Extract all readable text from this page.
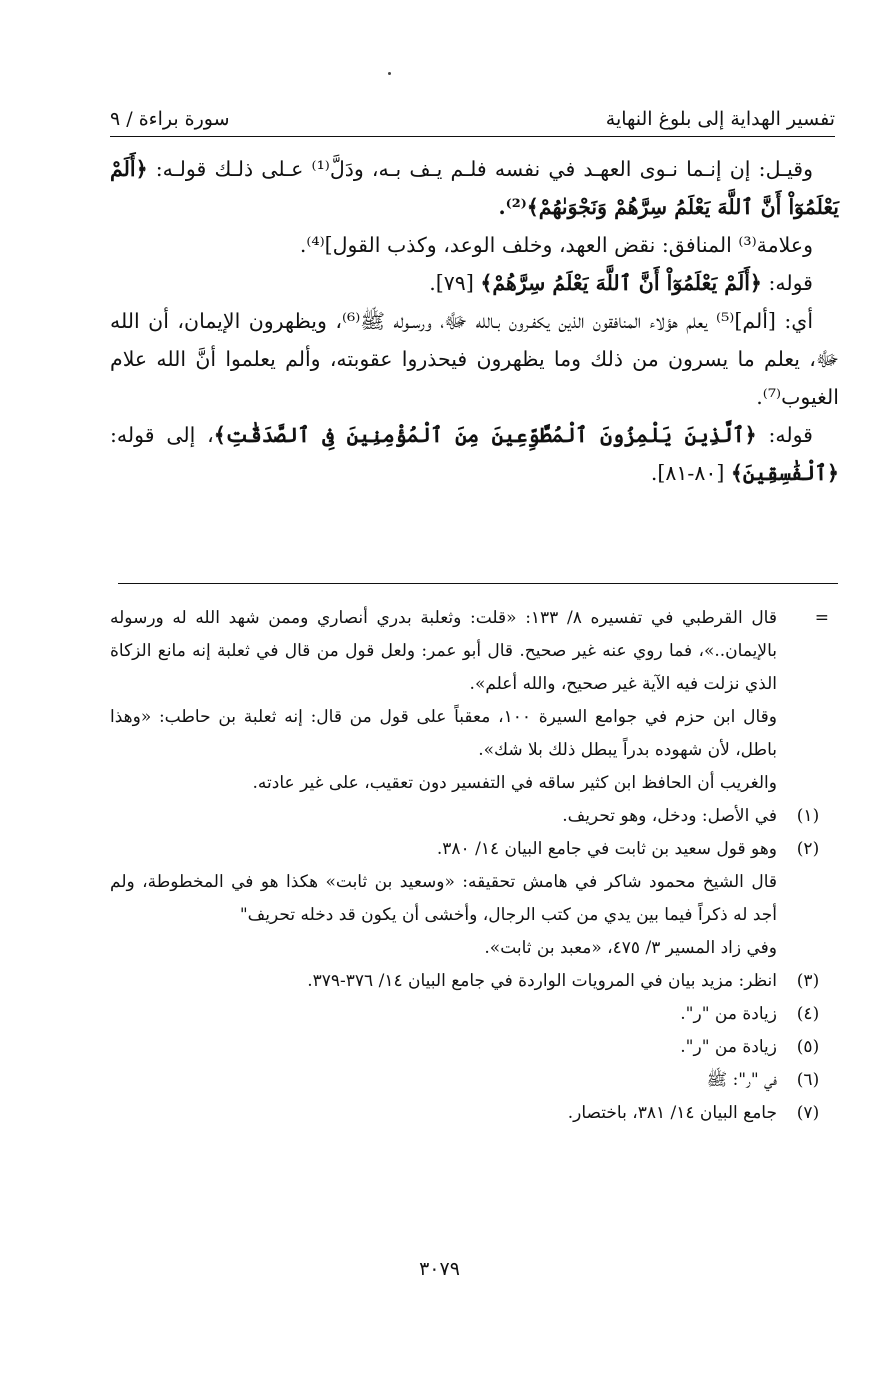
تفسير الهداية إلى بلوغ النهاية
سورة براءة / ٩

وقيـل: إن إنـما نـوى العهـد في نفسه فلـم يـف بـه، ودَلَّ⁽¹⁾ عـلى ذلـك قولـه: ﴿أَلَمْ يَعْلَمُوٓاْ أَنَّ ٱللَّهَ يَعْلَمُ سِرَّهُمْ وَنَجْوَىٰهُمْ﴾⁽²⁾.

وعلامة⁽³⁾ المنافق: نقض العهد، وخلف الوعد، وكذب القول]⁽⁴⁾.

قوله: ﴿أَلَمْ يَعْلَمُوٓاْ أَنَّ ٱللَّهَ يَعْلَمُ سِرَّهُمْ﴾ [٧٩].

أي: [ألم]⁽⁵⁾ يعلم هؤلاء المنافقون الذين يكفـرون بـالله ﷻ، ورسـوله ﷺ⁽⁶⁾، ويظهرون الإيمان، أن الله ﷻ، يعلم ما يسرون من ذلك وما يظهرون فيحذروا عقوبته، وألم يعلموا أنَّ الله علام الغيوب⁽⁷⁾.

قوله: ﴿ٱلَّذِينَ يَلْمِزُونَ ٱلْمُطَّوِّعِينَ مِنَ ٱلْمُؤْمِنِينَ فِى ٱلصَّدَقَٰتِ﴾، إلى قوله: ﴿ٱلْفَٰسِقِينَ﴾ [٨٠-٨١].

=
قال القرطبي في تفسيره ٨/ ١٣٣: «قلت: وثعلبة بدري أنصاري وممن شهد الله له ورسوله بالإيمان..»، فما روي عنه غير صحيح. قال أبو عمر: ولعل قول من قال في ثعلبة إنه مانع الزكاة الذي نزلت فيه الآية غير صحيح، والله أعلم».

وقال ابن حزم في جوامع السيرة ١٠٠، معقباً على قول من قال: إنه ثعلبة بن حاطب: «وهذا باطل، لأن شهوده بدراً يبطل ذلك بلا شك».

والغريب أن الحافظ ابن كثير ساقه في التفسير دون تعقيب، على غير عادته.

(١)
في الأصل: ودخل، وهو تحريف.
(٢)
وهو قول سعيد بن ثابت في جامع البيان ١٤/ ٣٨٠.

قال الشيخ محمود شاكر في هامش تحقيقه: «وسعيد بن ثابت» هكذا هو في المخطوطة، ولم أجد له ذكراً فيما بين يدي من كتب الرجال، وأخشى أن يكون قد دخله تحريف"

وفي زاد المسير ٣/ ٤٧٥، «معبد بن ثابت».

(٣)
انظر: مزيد بيان في المرويات الواردة في جامع البيان ١٤/ ٣٧٦-٣٧٩.
(٤)
زيادة من "ر".
(٥)
زيادة من "ر".
(٦)
في "ر": ﷺ
(٧)
جامع البيان ١٤/ ٣٨١، باختصار.
٣٠٧٩
